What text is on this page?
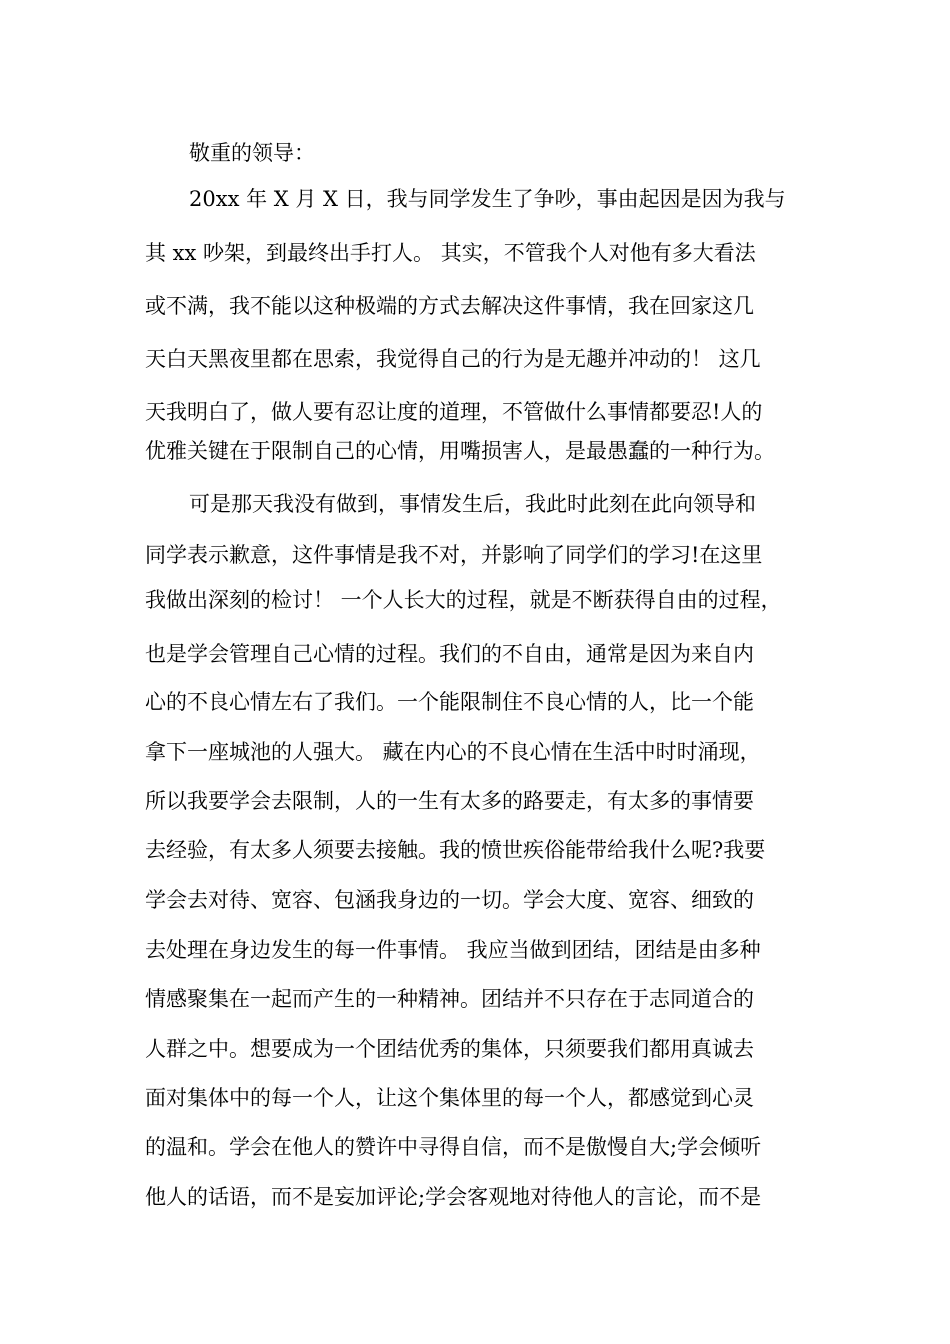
敬重的领导：
20xx 年 X 月 X 日，我与同学发生了争吵，事由起因是因为我与
其 xx 吵架，到最终出手打人。 其实，不管我个人对他有多大看法
或不满，我不能以这种极端的方式去解决这件事情，我在回家这几
天白天黑夜里都在思索，我觉得自己的行为是无趣并冲动的！ 这几
天我明白了，做人要有忍让度的道理，不管做什么事情都要忍!人的
优雅关键在于限制自己的心情，用嘴损害人，是最愚蠢的一种行为。
可是那天我没有做到，事情发生后，我此时此刻在此向领导和
同学表示歉意，这件事情是我不对，并影响了同学们的学习!在这里
我做出深刻的检讨！ 一个人长大的过程，就是不断获得自由的过程，
也是学会管理自己心情的过程。我们的不自由，通常是因为来自内
心的不良心情左右了我们。一个能限制住不良心情的人，比一个能
拿下一座城池的人强大。 藏在内心的不良心情在生活中时时涌现，
所以我要学会去限制，人的一生有太多的路要走，有太多的事情要
去经验，有太多人须要去接触。我的愤世疾俗能带给我什么呢?我要
学会去对待、宽容、包涵我身边的一切。学会大度、宽容、细致的
去处理在身边发生的每一件事情。 我应当做到团结，团结是由多种
情感聚集在一起而产生的一种精神。团结并不只存在于志同道合的
人群之中。想要成为一个团结优秀的集体，只须要我们都用真诚去
面对集体中的每一个人，让这个集体里的每一个人，都感觉到心灵
的温和。学会在他人的赞许中寻得自信，而不是傲慢自大;学会倾听
他人的话语，而不是妄加评论;学会客观地对待他人的言论，而不是
